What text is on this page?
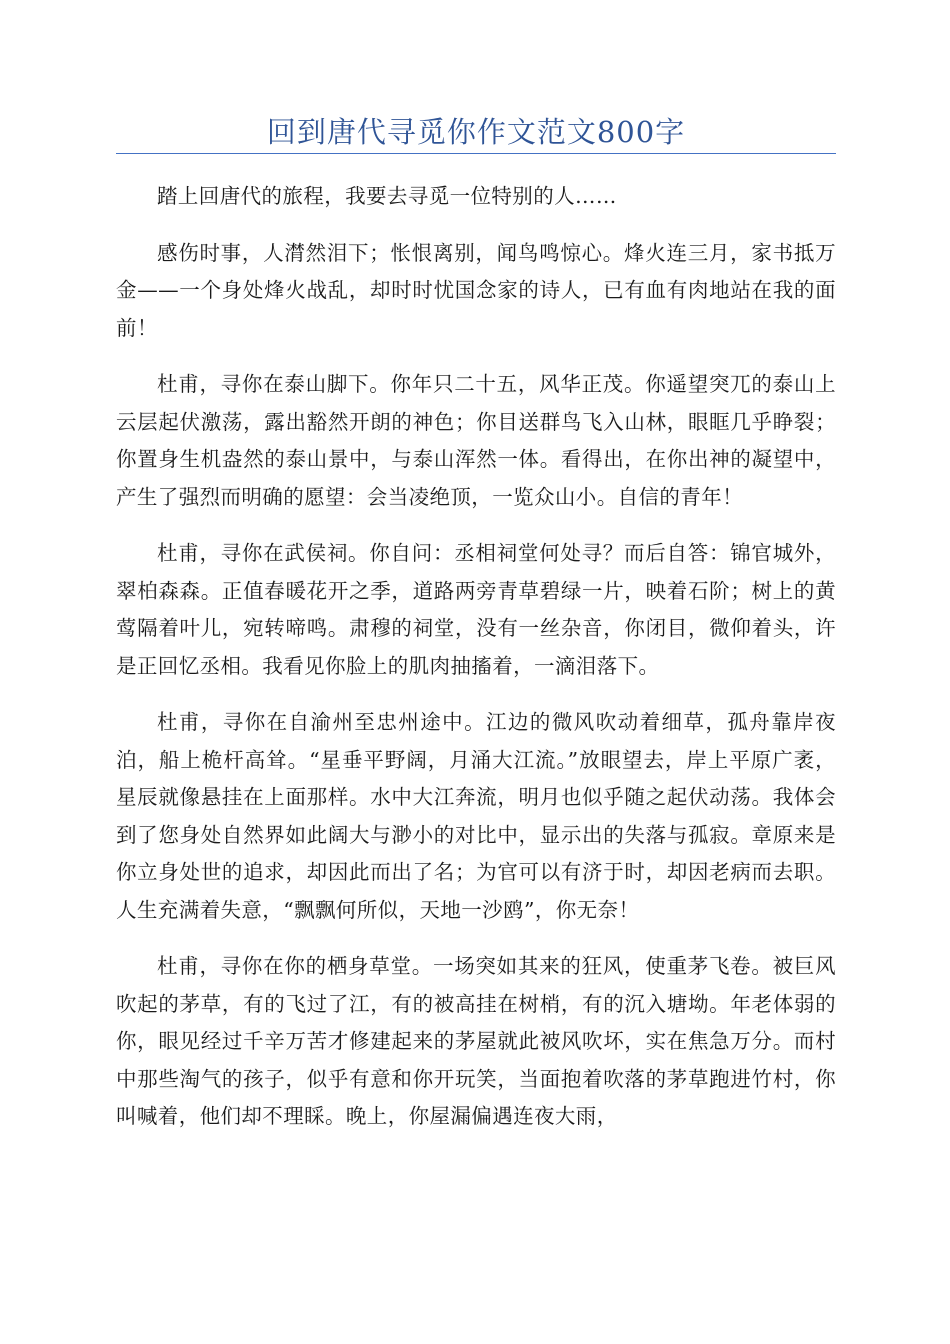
回到唐代寻觅你作文范文800字

踏上回唐代的旅程，我要去寻觅一位特别的人……

感伤时事，人潸然泪下；怅恨离别，闻鸟鸣惊心。烽火连三月，家书抵万金——一个身处烽火战乱，却时时忧国念家的诗人，已有血有肉地站在我的面前！

杜甫，寻你在泰山脚下。你年只二十五，风华正茂。你遥望突兀的泰山上云层起伏激荡，露出豁然开朗的神色；你目送群鸟飞入山林，眼眶几乎睁裂；你置身生机盎然的泰山景中，与泰山浑然一体。看得出，在你出神的凝望中，产生了强烈而明确的愿望：会当凌绝顶，一览众山小。自信的青年！

杜甫，寻你在武侯祠。你自问：丞相祠堂何处寻？而后自答：锦官城外，翠柏森森。正值春暖花开之季，道路两旁青草碧绿一片，映着石阶；树上的黄莺隔着叶儿，宛转啼鸣。肃穆的祠堂，没有一丝杂音，你闭目，微仰着头，许是正回忆丞相。我看见你脸上的肌肉抽搐着，一滴泪落下。

杜甫，寻你在自渝州至忠州途中。江边的微风吹动着细草，孤舟靠岸夜泊，船上桅杆高耸。“星垂平野阔，月涌大江流。”放眼望去，岸上平原广袤，星辰就像悬挂在上面那样。水中大江奔流，明月也似乎随之起伏动荡。我体会到了您身处自然界如此阔大与渺小的对比中，显示出的失落与孤寂。章原来是你立身处世的追求，却因此而出了名；为官可以有济于时，却因老病而去职。人生充满着失意，“飘飘何所似，天地一沙鸥”，你无奈！

杜甫，寻你在你的栖身草堂。一场突如其来的狂风，使重茅飞卷。被巨风吹起的茅草，有的飞过了江，有的被高挂在树梢，有的沉入塘坳。年老体弱的你，眼见经过千辛万苦才修建起来的茅屋就此被风吹坏，实在焦急万分。而村中那些淘气的孩子，似乎有意和你开玩笑，当面抱着吹落的茅草跑进竹村，你叫喊着，他们却不理睬。晚上，你屋漏偏遇连夜大雨，
